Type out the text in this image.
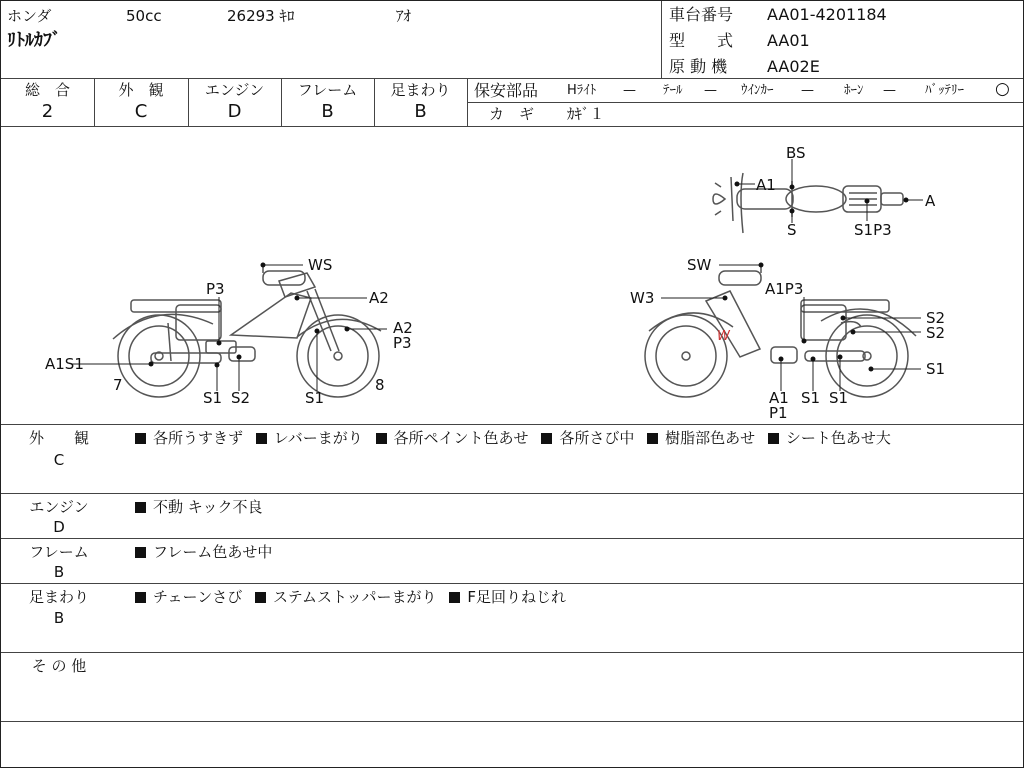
ホンダ	50cc	26293 ｷﾛ	ｱｵ
ﾘﾄﾙｶﾌﾞ
車台番号 AA01-4201184
型　　式 AA01
原 動 機 AA02E
総　合
2
外　観
C
エンジン
D
フレーム
B
足まわり
B
保安部品 Hﾗｲﾄ — ﾃｰﾙ — ｳｲﾝｶｰ — ﾎｰﾝ — ﾊﾞｯﾃﾘｰ ○
カ　ギ ｶｷﾞ１
W
BS
A1
A
S	S1P3
WS
P3	A2
A2
P3
A1S1
7	8
S1 S2	S1
SW
W3	A1P3
S2
S2
S1
A1
P1
S1 S1
外　　観
C
各所うすきず レバーまがり 各所ペイント色あせ 各所さび中 樹脂部色あせ シート色あせ大
エンジン
D
不動 キック不良
フレーム
B
フレーム色あせ中
足まわり
B
チェーンさび ステムストッパーまがり F足回りねじれ
そ の 他
